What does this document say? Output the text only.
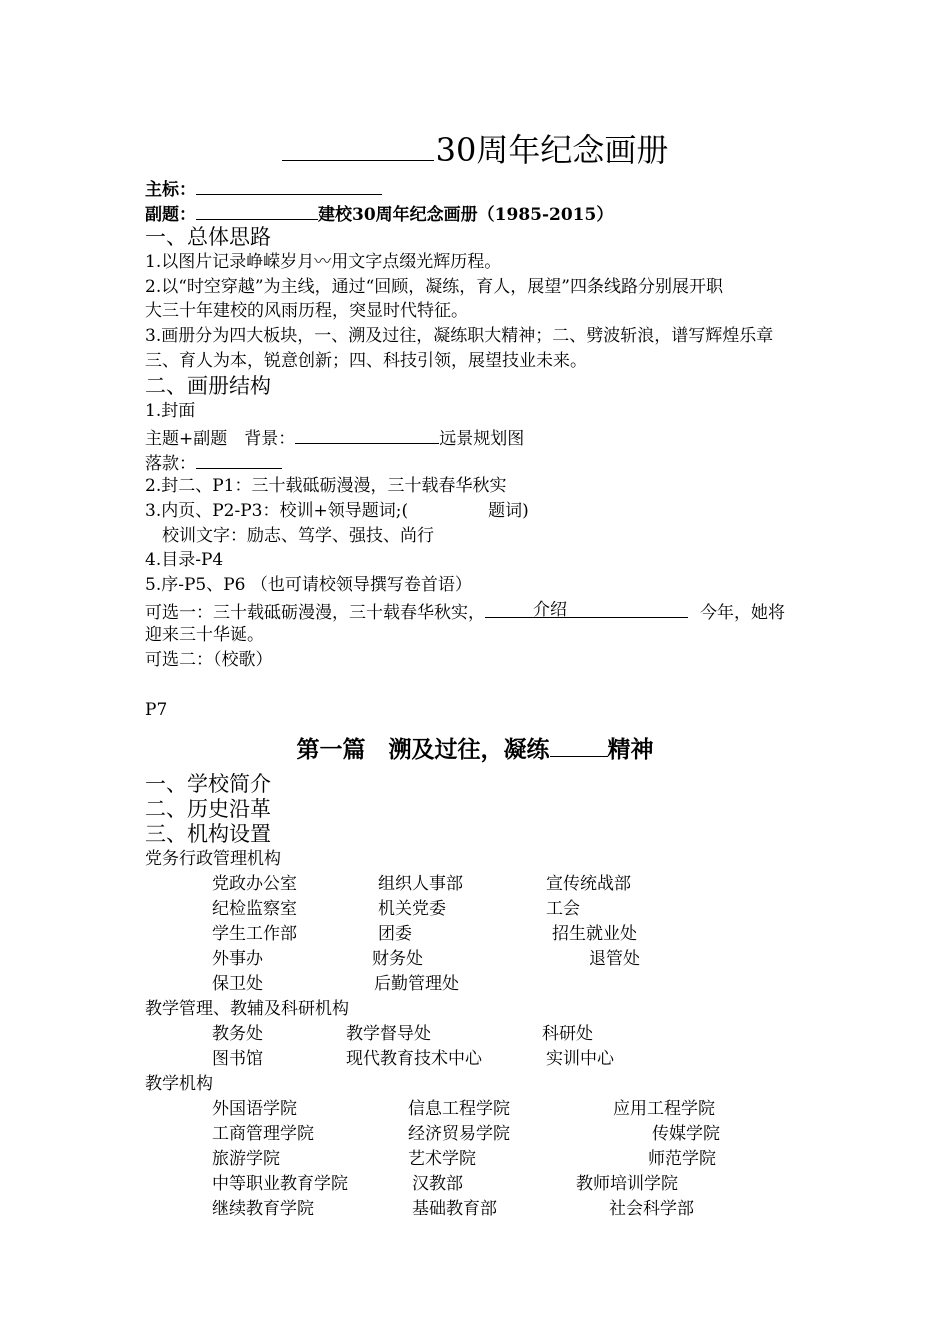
30周年纪念画册
主标：
副题：	建校30周年纪念画册（1985-2015）
一、总体思路
1.以图片记录峥嵘岁月〰用文字点缀光辉历程。
2.以“时空穿越”为主线，通过“回顾，凝练，育人，展望”四条线路分别展开职
大三十年建校的风雨历程，突显时代特征。
3.画册分为四大板块，一、溯及过往，凝练职大精神；二、劈波斩浪，谱写辉煌乐章
三、育人为本，锐意创新；四、科技引领，展望技业未来。
二、画册结构
1.封面
主题+副题　背景：	远景规划图
落款：
2.封二、P1：三十载砥砺漫漫，三十载春华秋实
3.内页、P2-P3：校训+领导题词;(	题词)
校训文字：励志、笃学、强技、尚行
4.目录-P4
5.序-P5、P6 （也可请校领导撰写卷首语）
可选一：三十载砥砺漫漫，三十载春华秋实，	介绍	今年，她将
迎来三十华诞。
可选二：（校歌）
P7
第一篇　溯及过往，凝练	精神
一、学校简介
二、历史沿革
三、机构设置
党务行政管理机构
党政办公室	组织人事部	宣传统战部
纪检监察室	机关党委	工会
学生工作部	团委	招生就业处
外事办	财务处	退管处
保卫处	后勤管理处
教学管理、教辅及科研机构
教务处	教学督导处	科研处
图书馆	现代教育技术中心	实训中心
教学机构
外国语学院	信息工程学院	应用工程学院
工商管理学院	经济贸易学院	传媒学院
旅游学院	艺术学院	师范学院
中等职业教育学院	汉教部	教师培训学院
继续教育学院	基础教育部	社会科学部
